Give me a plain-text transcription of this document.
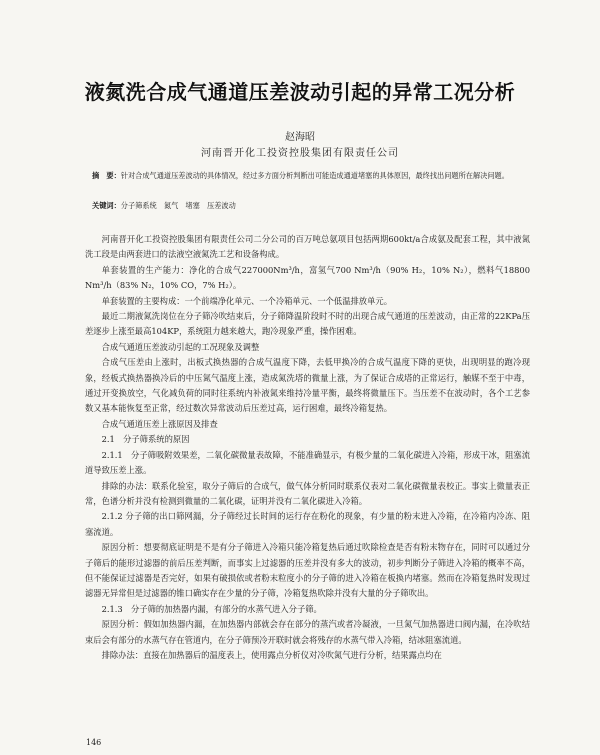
液氮洗合成气通道压差波动引起的异常工况分析
赵海昭
河南晋开化工投资控股集团有限责任公司
摘　要：针对合成气通道压差波动的具体情况，经过多方面分析判断出可能造成通道堵塞的具体原因，最终找出问题所在解决问题。
关键词：分子筛系统　氮气　堵塞　压差波动

河南晋开化工投资控股集团有限责任公司二分公司的百万吨总氨项目包括两期600kt/a合成氨及配套工程，其中液氮洗工段是由两套进口的法液空液氮洗工艺和设备构成。

单套装置的生产能力：净化的合成气227000Nm³/h，富氢气700 Nm³/h（90% H₂，10% N₂），燃料气18800 Nm³/h（83% N₂，10% CO，7% H₂）。

单套装置的主要构成：一个前端净化单元、一个冷箱单元、一个低温排放单元。

最近二期液氮洗岗位在分子筛冷吹结束后，分子筛降温阶段时不时的出现合成气通道的压差波动，由正常的22KPa压差逐步上涨至最高104KP，系统阻力越来越大，跑冷现象严重，操作困难。

合成气通道压差波动引起的工况现象及调整

合成气压差由上涨时，出板式换热器的合成气温度下降，去低甲换冷的合成气温度下降的更快，出现明显的跑冷现象，经板式换热器换冷后的中压氮气温度上涨，造成氮洗塔的微量上涨，为了保证合成塔的正常运行，触媒不至于中毒，通过开变换放空，气化减负荷的同时往系统内补液氮来维持冷量平衡，最终将微量压下。当压差不在波动时，各个工艺参数又基本能恢复至正常，经过数次异常波动后压差过高，运行困难，最终冷箱复热。

合成气通道压差上涨原因及排查

2.1　分子筛系统的原因

2.1.1　分子筛吸附效果差，二氧化碳微量表故障，不能准确显示，有极少量的二氧化碳进入冷箱，形成干冰，阻塞流道导致压差上涨。

排除的办法：联系化验室，取分子筛后的合成气，做气体分析同时联系仪表对二氧化碳微量表校正。事实上微量表正常，色谱分析并没有检测到微量的二氧化碳，证明并没有二氧化碳进入冷箱。

2.1.2 分子筛的出口筛网漏，分子筛经过长时间的运行存在粉化的现象，有少量的粉末进入冷箱，在冷箱内冷冻、阻塞流道。

原因分析：想要彻底证明是不是有分子筛进入冷箱只能冷箱复热后通过吹除检查是否有粉末物存在，同时可以通过分子筛后的能形过滤器的前后压差判断，而事实上过滤器的压差并没有多大的波动，初步判断分子筛进入冷箱的概率不高，但不能保证过滤器是否完好，如果有破损依或者粉末粒度小的分子筛的进入冷箱在板换内堵塞。然而在冷箱复热时发现过滤器无异常但是过滤器的锥口确实存在少量的分子筛，冷箱复热吹除并没有大量的分子筛吹出。

2.1.3　分子筛的加热器内漏，有部分的水蒸气进入分子筛。

原因分析：假如加热器内漏，在加热器内部就会存在部分的蒸汽或者冷凝液，一旦氮气加热器进口阀内漏，在冷吹结束后会有部分的水蒸气存在管道内，在分子筛预冷开联时就会将残存的水蒸气带入冷箱，结冰阻塞流道。

排除办法：直接在加热器后的温度表上，使用露点分析仪对冷吹氮气进行分析，结果露点均在

146
